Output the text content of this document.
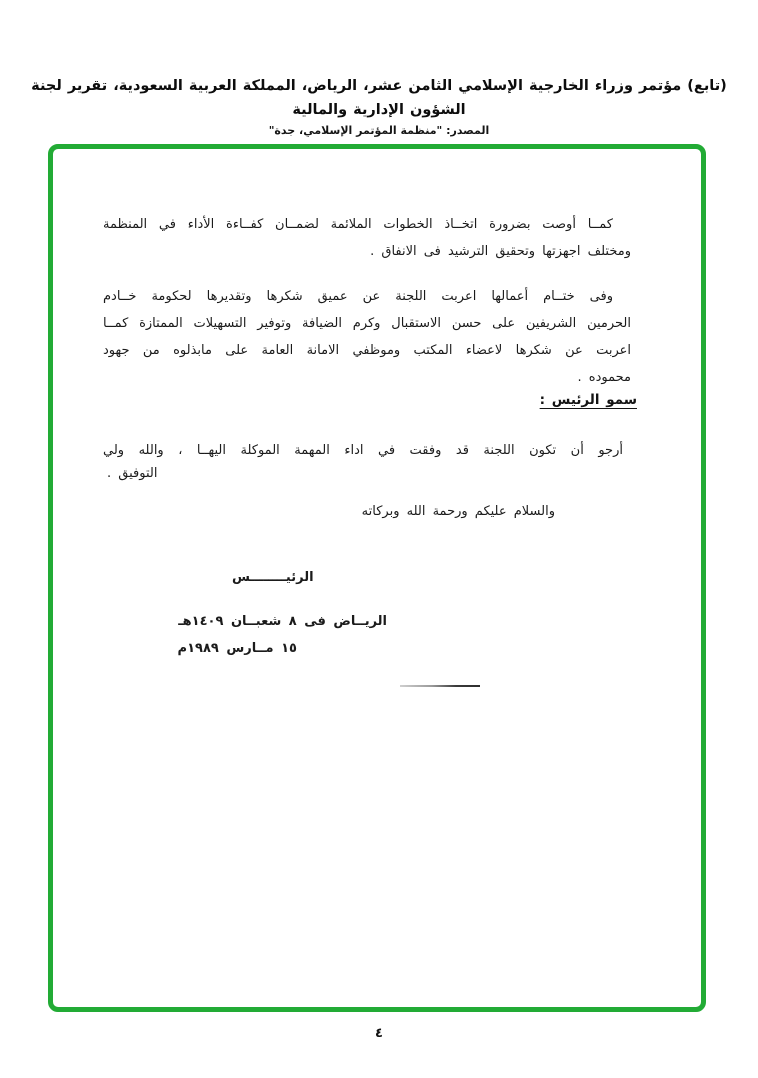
(تابع) مؤتمر وزراء الخارجية الإسلامي الثامن عشر، الرياض، المملكة العربية السعودية، تقرير لجنة الشؤون الإدارية والمالية
المصدر: "منظمة المؤتمر الإسلامي، جدة"
كمــا أوصت بضرورة اتخــاذ الخطوات الملائمة لضمــان كفــاءة الأداء في المنظمة
ومختلف اجهزتها وتحقيق الترشيد فى الانفاق .
وفى ختــام أعمالها اعربت اللجنة عن عميق شكرها وتقديرها لحكومة خــادم
الحرمين الشريفين على حسن الاستقبال وكرم الضيافة وتوفير التسهيلات الممتازة كمــا
اعربت عن شكرها لاعضاء المكتب وموظفي الامانة العامة على مابذلوه من جهود
محموده .
سمو الرئيس :
أرجو أن تكون اللجنة قد وفقت في اداء المهمة الموكلة اليهــا ، والله ولي
التوفيق .
والسلام عليكم ورحمة الله وبركاته
الرئيــــــــس
الريــاض فى ٨ شعبــان ١٤٠٩هـ
١٥ مــارس ١٩٨٩م
٤
